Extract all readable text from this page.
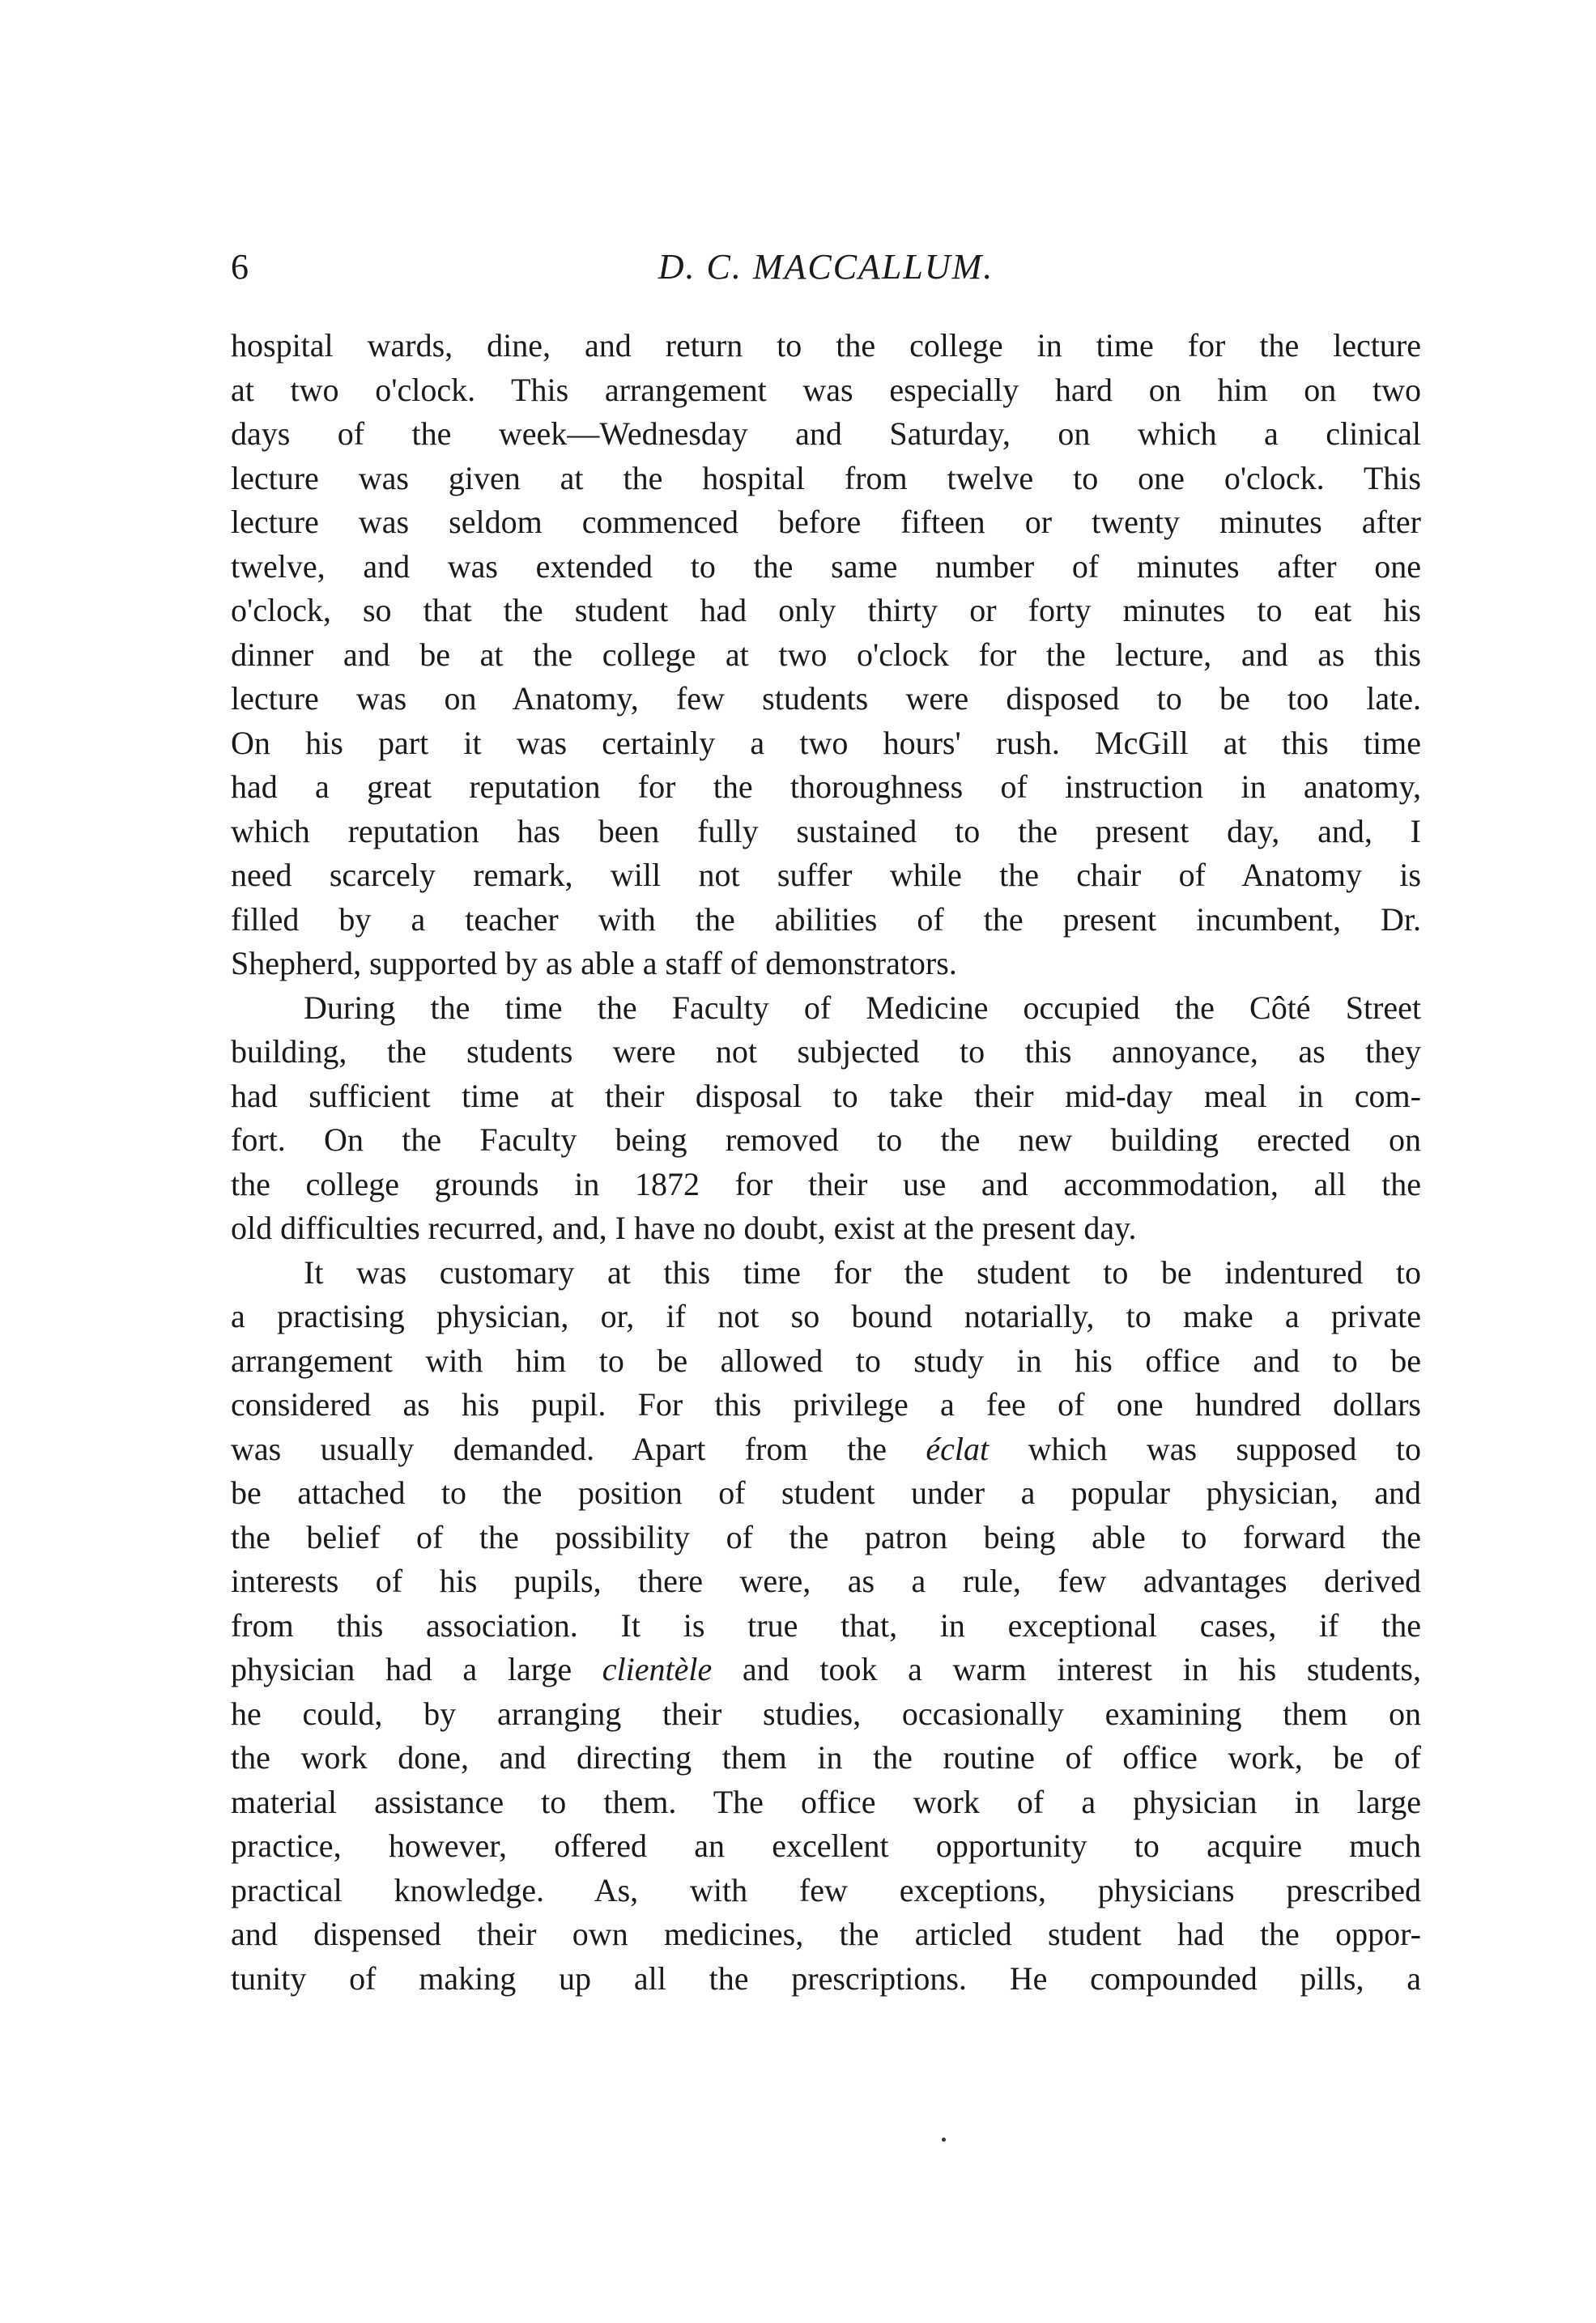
6	D. C. MACCALLUM.
hospital wards, dine, and return to the college in time for the lecture
at two o'clock. This arrangement was especially hard on him on two
days of the week—Wednesday and Saturday, on which a clinical
lecture was given at the hospital from twelve to one o'clock. This
lecture was seldom commenced before fifteen or twenty minutes after
twelve, and was extended to the same number of minutes after one
o'clock, so that the student had only thirty or forty minutes to eat his
dinner and be at the college at two o'clock for the lecture, and as this
lecture was on Anatomy, few students were disposed to be too late.
On his part it was certainly a two hours' rush. McGill at this time
had a great reputation for the thoroughness of instruction in anatomy,
which reputation has been fully sustained to the present day, and, I
need scarcely remark, will not suffer while the chair of Anatomy is
filled by a teacher with the abilities of the present incumbent, Dr.
Shepherd, supported by as able a staff of demonstrators.
During the time the Faculty of Medicine occupied the Côté Street
building, the students were not subjected to this annoyance, as they
had sufficient time at their disposal to take their mid-day meal in com-
fort. On the Faculty being removed to the new building erected on
the college grounds in 1872 for their use and accommodation, all the
old difficulties recurred, and, I have no doubt, exist at the present day.
It was customary at this time for the student to be indentured to
a practising physician, or, if not so bound notarially, to make a private
arrangement with him to be allowed to study in his office and to be
considered as his pupil. For this privilege a fee of one hundred dollars
was usually demanded. Apart from the éclat which was supposed to
be attached to the position of student under a popular physician, and
the belief of the possibility of the patron being able to forward the
interests of his pupils, there were, as a rule, few advantages derived
from this association. It is true that, in exceptional cases, if the
physician had a large clientèle and took a warm interest in his students,
he could, by arranging their studies, occasionally examining them on
the work done, and directing them in the routine of office work, be of
material assistance to them. The office work of a physician in large
practice, however, offered an excellent opportunity to acquire much
practical knowledge. As, with few exceptions, physicians prescribed
and dispensed their own medicines, the articled student had the oppor-
tunity of making up all the prescriptions. He compounded pills, a
